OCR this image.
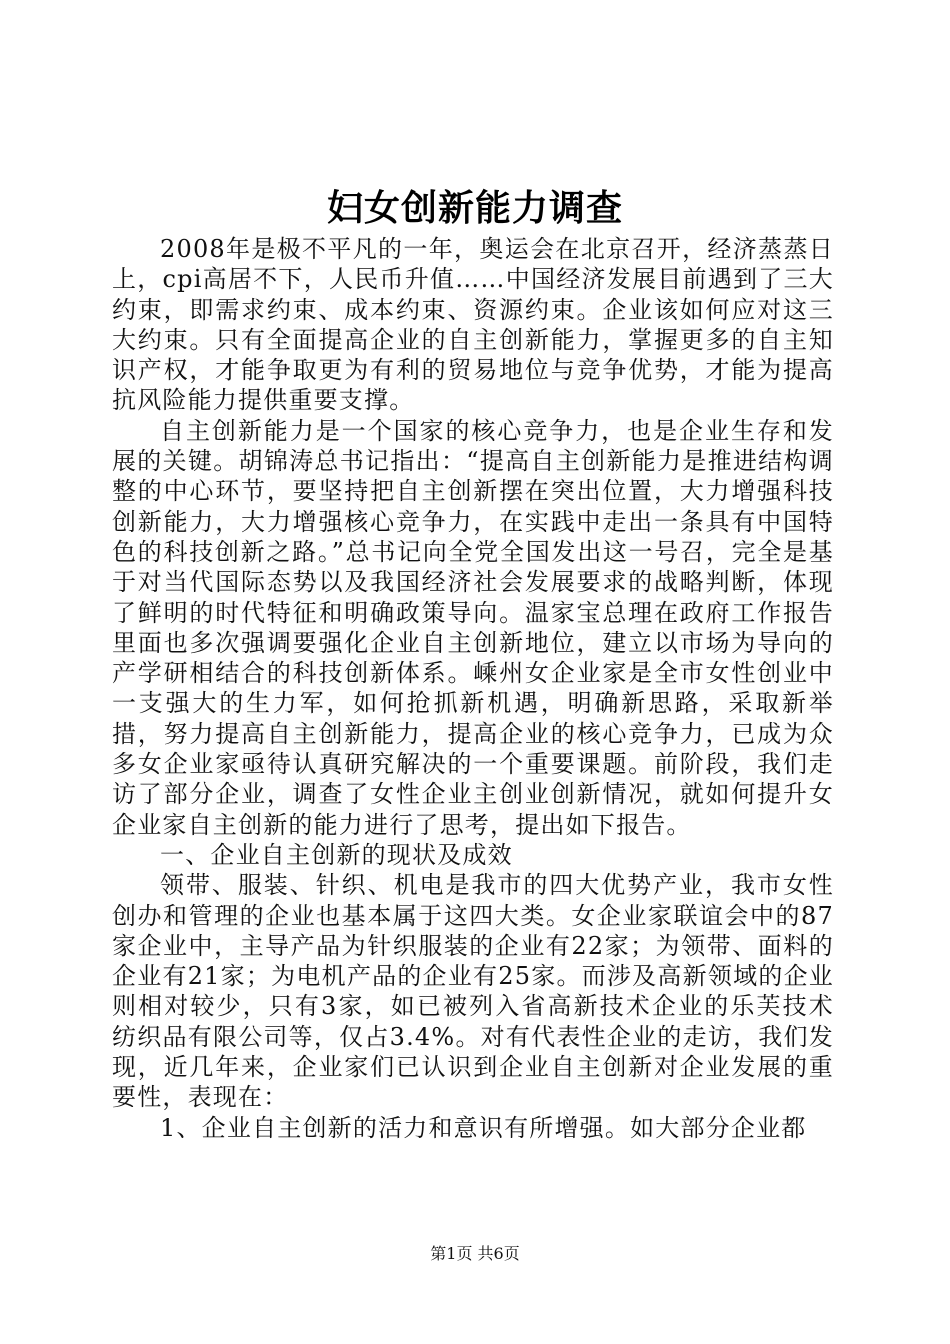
妇女创新能力调查

2008年是极不平凡的一年，奥运会在北京召开，经济蒸蒸日上，cpi高居不下，人民币升值……中国经济发展目前遇到了三大约束，即需求约束、成本约束、资源约束。企业该如何应对这三大约束。只有全面提高企业的自主创新能力，掌握更多的自主知识产权，才能争取更为有利的贸易地位与竞争优势，才能为提高抗风险能力提供重要支撑。

自主创新能力是一个国家的核心竞争力，也是企业生存和发展的关键。胡锦涛总书记指出：“提高自主创新能力是推进结构调整的中心环节，要坚持把自主创新摆在突出位置，大力增强科技创新能力，大力增强核心竞争力，在实践中走出一条具有中国特色的科技创新之路。”总书记向全党全国发出这一号召，完全是基于对当代国际态势以及我国经济社会发展要求的战略判断，体现了鲜明的时代特征和明确政策导向。温家宝总理在政府工作报告里面也多次强调要强化企业自主创新地位，建立以市场为导向的产学研相结合的科技创新体系。嵊州女企业家是全市女性创业中一支强大的生力军，如何抢抓新机遇，明确新思路，采取新举措，努力提高自主创新能力，提高企业的核心竞争力，已成为众多女企业家亟待认真研究解决的一个重要课题。前阶段，我们走访了部分企业，调查了女性企业主创业创新情况，就如何提升女企业家自主创新的能力进行了思考，提出如下报告。

一、企业自主创新的现状及成效

领带、服装、针织、机电是我市的四大优势产业，我市女性创办和管理的企业也基本属于这四大类。女企业家联谊会中的87家企业中，主导产品为针织服装的企业有22家；为领带、面料的企业有21家；为电机产品的企业有25家。而涉及高新领域的企业则相对较少，只有3家，如已被列入省高新技术企业的乐芙技术纺织品有限公司等，仅占3.4%。对有代表性企业的走访，我们发现，近几年来，企业家们已认识到企业自主创新对企业发展的重要性，表现在：

1、企业自主创新的活力和意识有所增强。如大部分企业都

第1页 共6页
